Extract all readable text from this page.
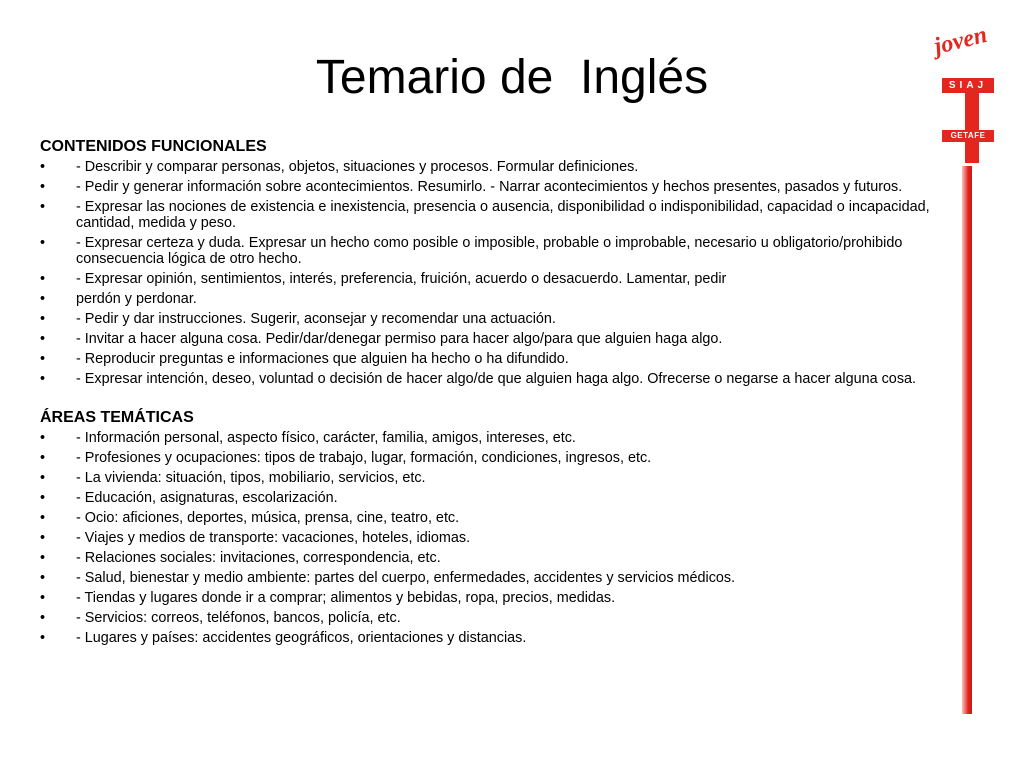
Temario de  Inglés
joven
SIAJ
GETAFE
CONTENIDOS FUNCIONALES
• - Describir y comparar personas, objetos, situaciones y procesos. Formular definiciones.
• - Pedir y generar información sobre acontecimientos. Resumirlo. - Narrar acontecimientos y hechos presentes, pasados y futuros.
• - Expresar las nociones de existencia e inexistencia, presencia o ausencia, disponibilidad o indisponibilidad, capacidad o incapacidad, cantidad, medida y peso.
• - Expresar certeza y duda. Expresar un hecho como posible o imposible, probable o improbable, necesario u obligatorio/prohibido consecuencia lógica de otro hecho.
• - Expresar opinión, sentimientos, interés, preferencia, fruición, acuerdo o desacuerdo. Lamentar, pedir
• perdón y perdonar.
• - Pedir y dar instrucciones. Sugerir, aconsejar y recomendar una actuación.
• - Invitar a hacer alguna cosa. Pedir/dar/denegar permiso para hacer algo/para que alguien haga algo.
• - Reproducir preguntas e informaciones que alguien ha hecho o ha difundido.
• - Expresar intención, deseo, voluntad o decisión de hacer algo/de que alguien haga algo. Ofrecerse o negarse a hacer alguna cosa.
ÁREAS TEMÁTICAS
• - Información personal, aspecto físico, carácter, familia, amigos, intereses, etc.
• - Profesiones y ocupaciones: tipos de trabajo, lugar, formación, condiciones, ingresos, etc.
• - La vivienda: situación, tipos, mobiliario, servicios, etc.
• - Educación, asignaturas, escolarización.
• - Ocio: aficiones, deportes, música, prensa, cine, teatro, etc.
• - Viajes y medios de transporte: vacaciones, hoteles, idiomas.
• - Relaciones sociales: invitaciones, correspondencia, etc.
• - Salud, bienestar y medio ambiente: partes del cuerpo, enfermedades, accidentes y servicios médicos.
• - Tiendas y lugares donde ir a comprar; alimentos y bebidas, ropa, precios, medidas.
• - Servicios: correos, teléfonos, bancos, policía, etc.
• - Lugares y países: accidentes geográficos, orientaciones y distancias.
